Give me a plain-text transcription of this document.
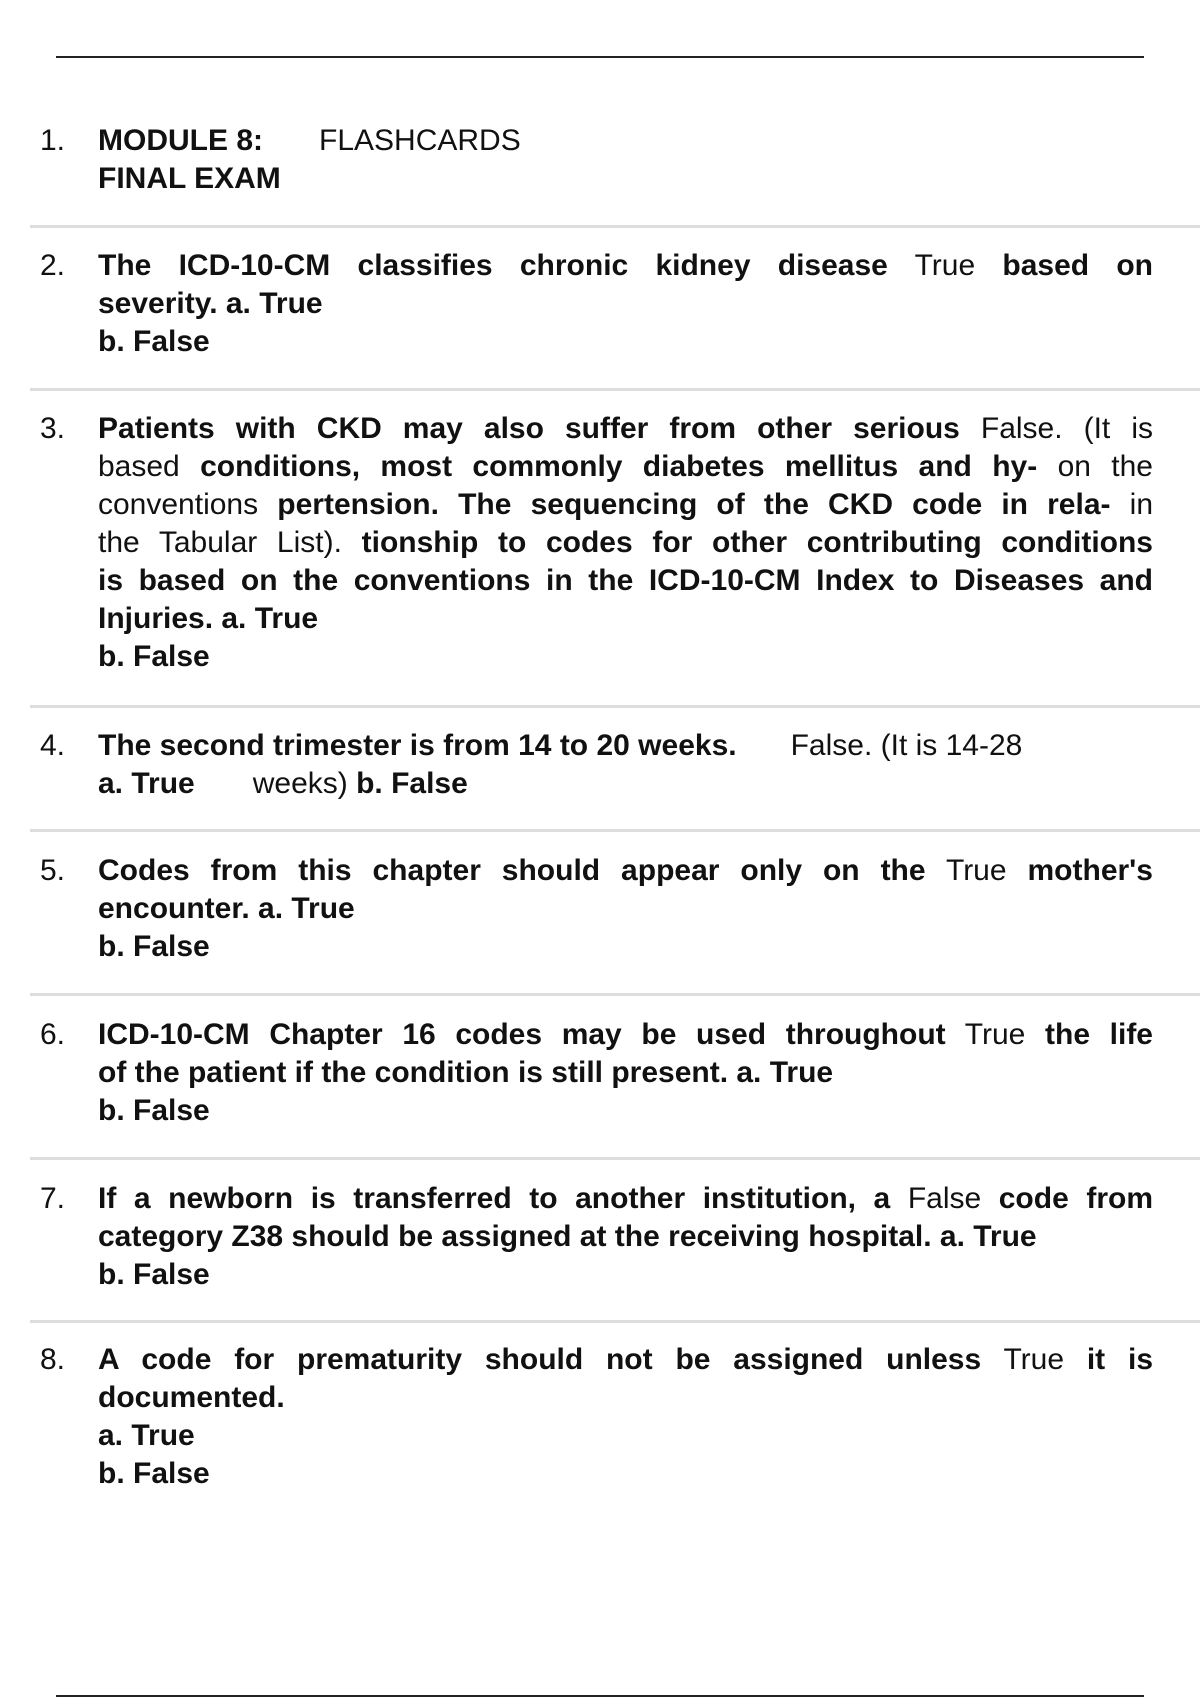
1. MODULE 8: FLASHCARDS
FINAL EXAM
2. The ICD-10-CM classifies chronic kidney disease True based on
severity. a. True
b. False
3. Patients with CKD may also suffer from other serious False. (It is
based conditions, most commonly diabetes mellitus and hy- on the
conventions pertension. The sequencing of the CKD code in rela- in
the Tabular List). tionship to codes for other contributing conditions
is based on the conventions in the ICD-10-CM Index to Diseases and
Injuries. a. True
b. False
4. The second trimester is from 14 to 20 weeks. False. (It is 14-28
a. True weeks) b. False
5. Codes from this chapter should appear only on the True mother's
encounter. a. True
b. False
6. ICD-10-CM Chapter 16 codes may be used throughout True the life
of the patient if the condition is still present. a. True
b. False
7. If a newborn is transferred to another institution, a False code from
category Z38 should be assigned at the receiving hospital. a. True
b. False
8. A code for prematurity should not be assigned unless True it is
documented.
a. True
b. False
